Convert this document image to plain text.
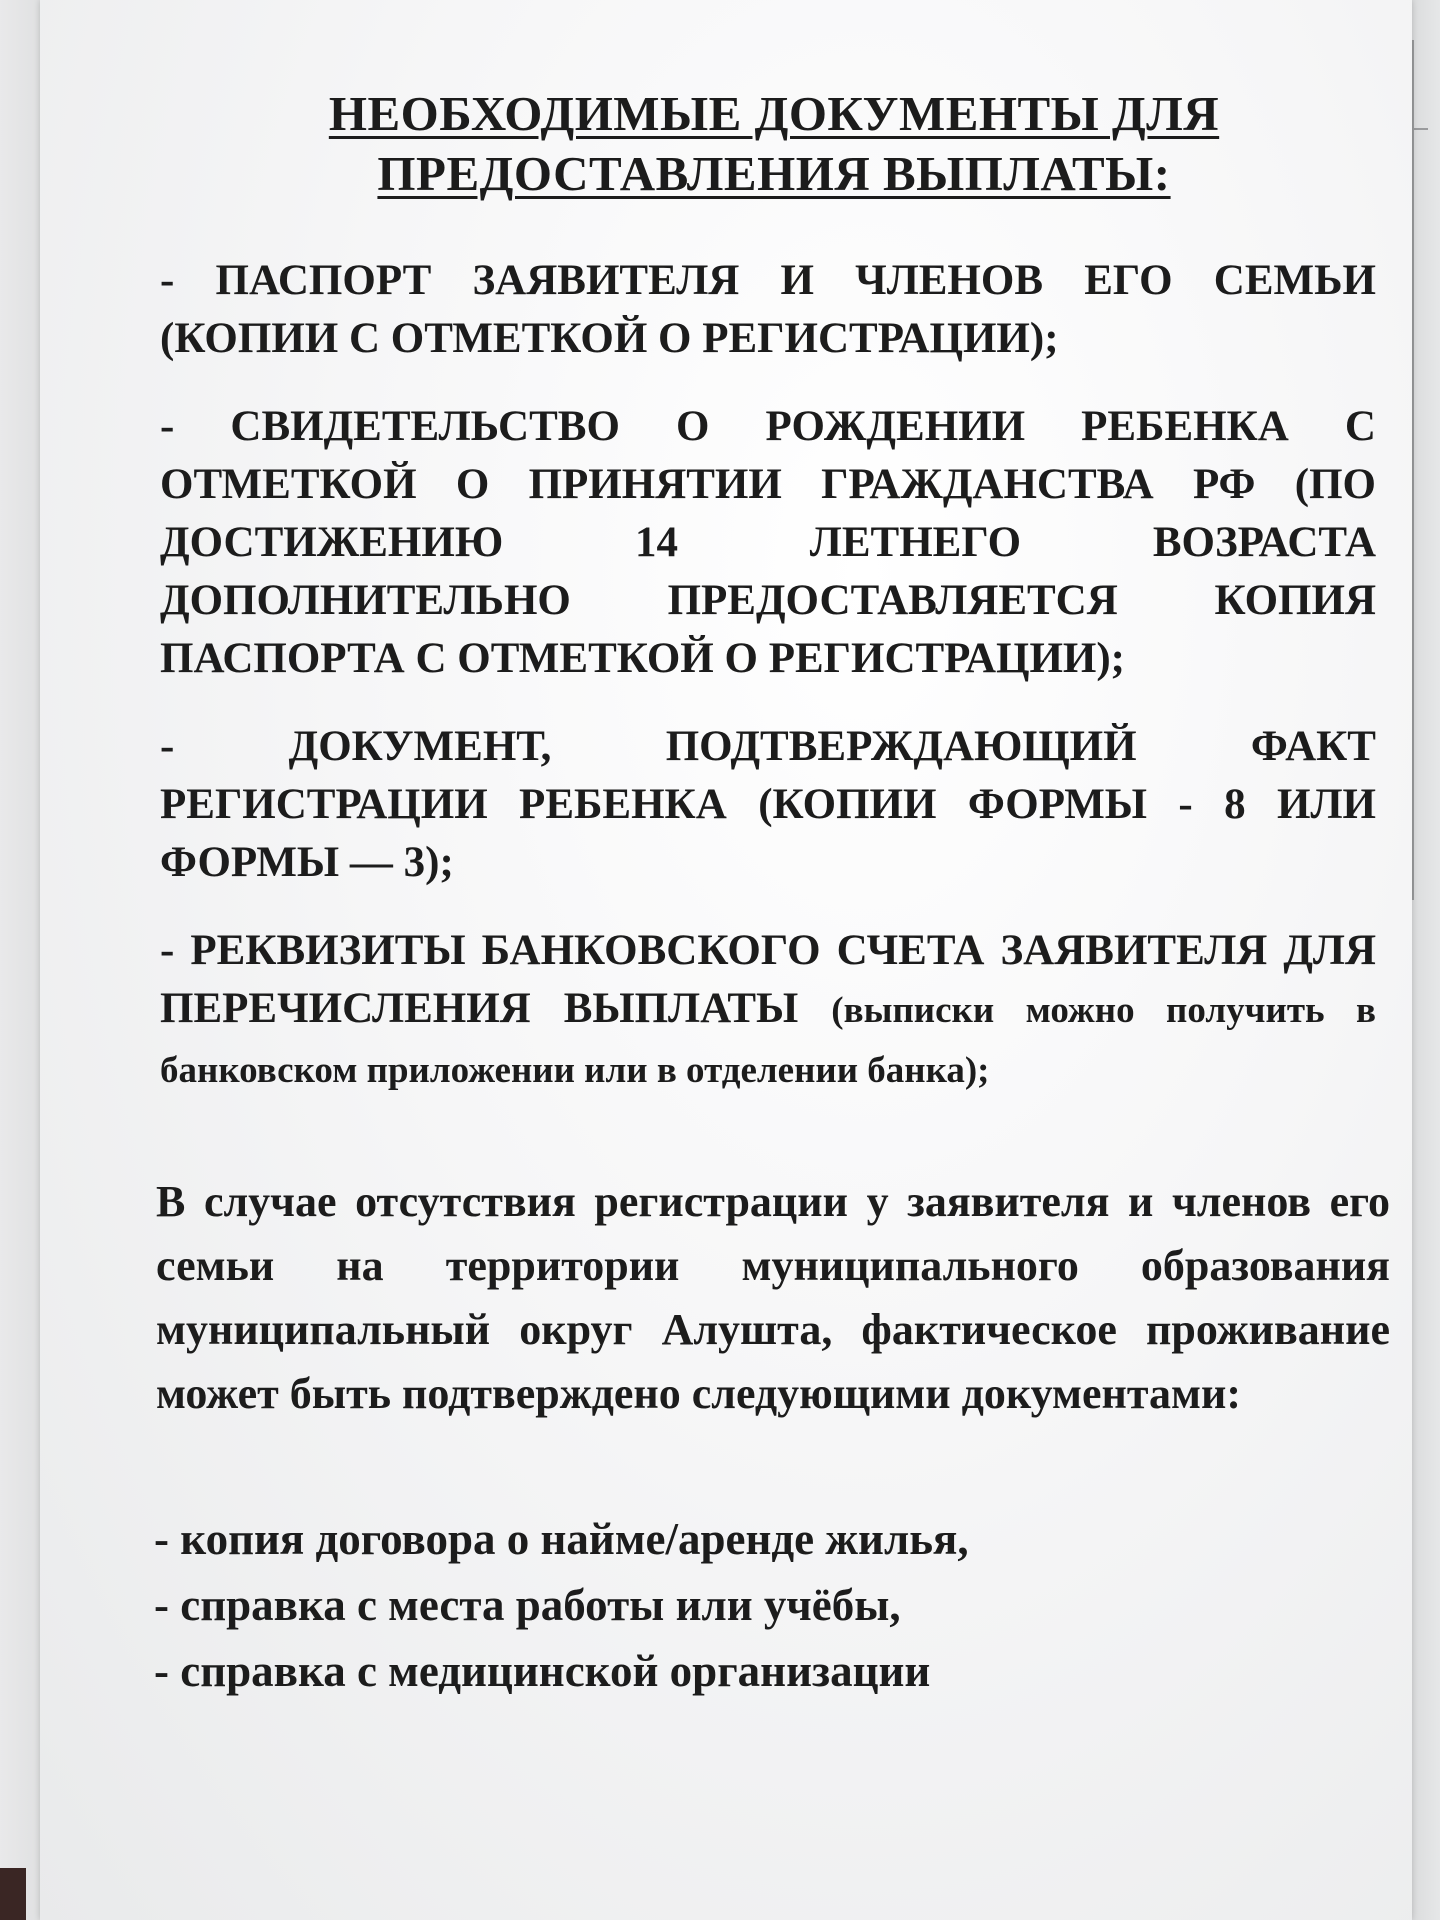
НЕОБХОДИМЫЕ ДОКУМЕНТЫ ДЛЯ ПРЕДОСТАВЛЕНИЯ ВЫПЛАТЫ:
- ПАСПОРТ ЗАЯВИТЕЛЯ И ЧЛЕНОВ ЕГО СЕМЬИ (КОПИИ С ОТМЕТКОЙ О РЕГИСТРАЦИИ);
- СВИДЕТЕЛЬСТВО О РОЖДЕНИИ РЕБЕНКА С ОТМЕТКОЙ О ПРИНЯТИИ ГРАЖДАНСТВА РФ (ПО ДОСТИЖЕНИЮ 14 ЛЕТНЕГО ВОЗРАСТА ДОПОЛНИТЕЛЬНО ПРЕДОСТАВЛЯЕТСЯ КОПИЯ ПАСПОРТА С ОТМЕТКОЙ О РЕГИСТРАЦИИ);
- ДОКУМЕНТ, ПОДТВЕРЖДАЮЩИЙ ФАКТ РЕГИСТРАЦИИ РЕБЕНКА (КОПИИ ФОРМЫ - 8 ИЛИ ФОРМЫ — 3);
- РЕКВИЗИТЫ БАНКОВСКОГО СЧЕТА ЗАЯВИТЕЛЯ ДЛЯ ПЕРЕЧИСЛЕНИЯ ВЫПЛАТЫ (выписки можно получить в банковском приложении или в отделении банка);
В случае отсутствия регистрации у заявителя и членов его семьи на территории муниципального образования муниципальный округ Алушта, фактическое проживание может быть подтверждено следующими документами:
- копия договора о найме/аренде жилья,
- справка с места работы или учёбы,
- справка с медицинской организации
